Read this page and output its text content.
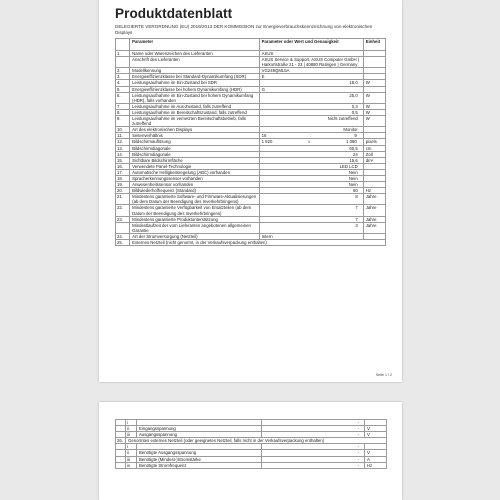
Produktdatenblatt
DELEGIERTE VERORDNUNG (EU) 2019/2013 DER KOMMISSION zur Energieverbrauchskennzeichnung von elektronischen Displays
	Parameter	Parameter oder Wert und Genauigkeit	Einheit
1.	Name oder Warenzeichen des Lieferanten	ASUS	
	Anschrift des Lieferanten	ASUS Service & Support, ASUS Computer GmbH | Harkortstraße 21 - 23 | 40880 Ratingen | Germany	
2.	Modellkennung	VG249QML5A	
3.	Energieeffizienzklasse bei Standard-Dynamikumfang (SDR)	E	
4.	Leistungsaufnahme im Ein-Zustand bei SDR	18,0	W
5.	Energieeffizienzklasse bei hohem Dynamikumfang (HDR)	G	
6.	Leistungsaufnahme im Ein-Zustand bei hohem Dynamikumfang (HDR), falls vorhanden	25,0	W
7.	Leistungsaufnahme im Aus-Zustand, falls zutreffend	0,3	W
8.	Leistungsaufnahme im Bereitschaftszustand, falls zutreffend	0,5	W
9.	Leistungsaufnahme im vernetzten Bereitschaftsbetrieb, falls zutreffend	Nicht zutreffend	W
10.	Art des elektronischen Displays	Monitor	

11.	Seitenverhältnis	16 : 9	

12.	Bildschirmauflösung	1 920 x 1 080	pixels
13.	Bildschirmdiagonale	60,5	cm
14.	Bildschirmdiagonale	24	Zoll
15.	Sichtbare Bildschirmfläche	15,6	dm²
16.	Verwendete Panel-Technologie	LED LCD	

17.	Automatische Helligkeitsregelung (ABC) vorhanden	Nein	

18.	Spracherkennungssensor vorhanden	Nein	

19.	Anwesenheitssensor vorhanden	Nein	

20.	Bildwiederholfrequenz (Standard)	60	Hz
21.	Mindestens garantierte Software- und Firmware-Aktualisierungen (ab dem Datum der Beendigung des Inverkehrbringens)	8	Jahre
22.	Mindestens garantierte Verfügbarkeit von Ersatzteilen (ab dem Datum der Beendigung des Inverkehrbringens)	7	Jahre
23.	Mindestens garantierte Produktunterstützung	7	Jahre
	Mindestlaufzeit der vom Lieferanten angebotenen allgemeinen Garantie	3	Jahre
24.	Art der Stromversorgung (Netzteil)	Intern	
25.	Externes Netzteil (nicht genormt, in der Verkaufsverpackung enthalten)		
Seite 1 / 2
	i		-	

	ii	Eingangsspannung	-	V
	iii	Ausgangsspannung	-	V
26.	Genormtes externes Netzteil (oder geeignetes Netzteil, falls nicht in der Verkaufsverpackung enthalten)			
	i		-	

	ii	Benötigte Ausgangsspannung	-	V
	iii	Benötigte (Mindest-)Stromstärke	-	A
	iv	Benötigte Stromfrequenz	-	Hz
